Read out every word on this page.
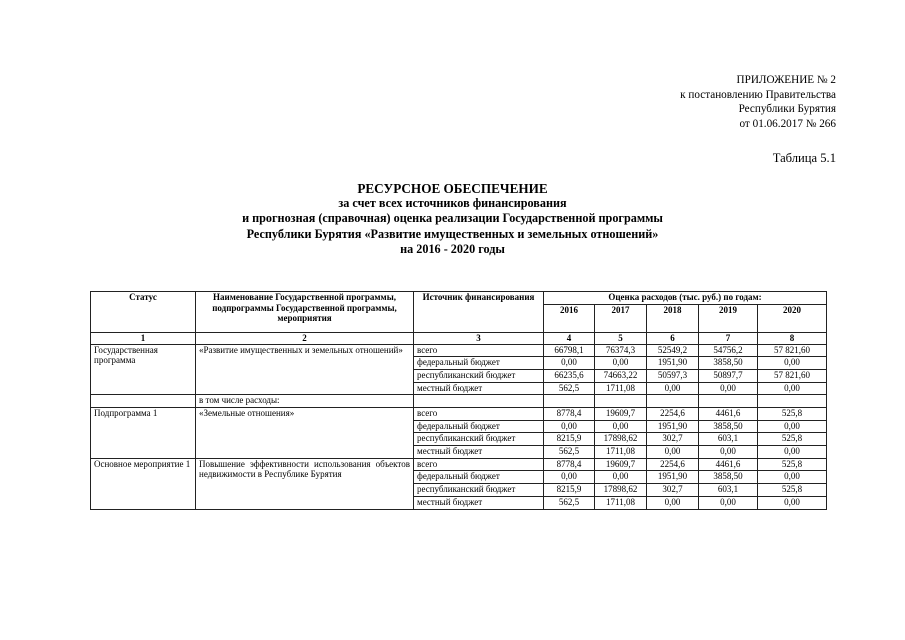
ПРИЛОЖЕНИЕ № 2
к постановлению Правительства
Республики Бурятия
от 01.06.2017 № 266
Таблица 5.1
РЕСУРСНОЕ ОБЕСПЕЧЕНИЕ
за счет всех источников финансирования
и прогнозная (справочная) оценка реализации Государственной программы
Республики Бурятия «Развитие имущественных и земельных отношений»
на 2016 - 2020 годы
Статус	Наименование Государственной программы, подпрограммы Государственной программы, мероприятия	Источник финансирования	Оценка расходов (тыс. руб.) по годам:				
			2016	2017	2018	2019	2020
1	2	3	4	5	6	7	8
Государственная программа	«Развитие имущественных и земельных отношений»	всего	66798,1	76374,3	52549,2	54756,2	57 821,60
		федеральный бюджет	0,00	0,00	1951,90	3858,50	0,00
		республиканский бюджет	66235,6	74663,22	50597,3	50897,7	57 821,60
		местный бюджет	562,5	1711,08	0,00	0,00	0,00
	в том числе расходы:						
Подпрограмма 1	«Земельные отношения»	всего	8778,4	19609,7	2254,6	4461,6	525,8
		федеральный бюджет	0,00	0,00	1951,90	3858,50	0,00
		республиканский бюджет	8215,9	17898,62	302,7	603,1	525,8
		местный бюджет	562,5	1711,08	0,00	0,00	0,00
Основное мероприятие 1	Повышение эффективности использования объектов недвижимости в Республике Бурятия	всего	8778,4	19609,7	2254,6	4461,6	525,8
		федеральный бюджет	0,00	0,00	1951,90	3858,50	0,00
		республиканский бюджет	8215,9	17898,62	302,7	603,1	525,8
		местный бюджет	562,5	1711,08	0,00	0,00	0,00
